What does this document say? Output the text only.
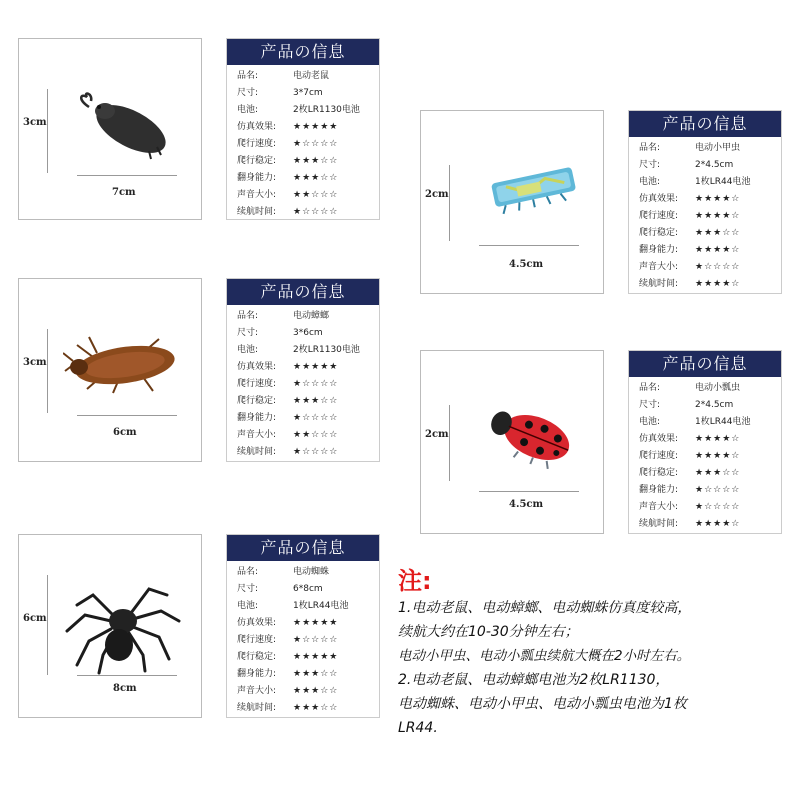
3cm
7cm
产品の信息
品名:	电动老鼠
尺寸:	3*7cm
电池:	2枚LR1130电池
仿真效果:	★★★★★
爬行速度:	★☆☆☆☆
爬行稳定:	★★★☆☆
翻身能力:	★★★☆☆
声音大小:	★★☆☆☆
续航时间:	★☆☆☆☆
3cm
6cm
产品の信息
品名:	电动蟑螂
尺寸:	3*6cm
电池:	2枚LR1130电池
仿真效果:	★★★★★
爬行速度:	★☆☆☆☆
爬行稳定:	★★★☆☆
翻身能力:	★☆☆☆☆
声音大小:	★★☆☆☆
续航时间:	★☆☆☆☆
6cm
8cm
产品の信息
品名:	电动蜘蛛
尺寸:	6*8cm
电池:	1枚LR44电池
仿真效果:	★★★★★
爬行速度:	★☆☆☆☆
爬行稳定:	★★★★★
翻身能力:	★★★☆☆
声音大小:	★★★☆☆
续航时间:	★★★☆☆
2cm
4.5cm
产品の信息
品名:	电动小甲虫
尺寸:	2*4.5cm
电池:	1枚LR44电池
仿真效果:	★★★★☆
爬行速度:	★★★★☆
爬行稳定:	★★★☆☆
翻身能力:	★★★★☆
声音大小:	★☆☆☆☆
续航时间:	★★★★☆
2cm
4.5cm
产品の信息
品名:	电动小瓢虫
尺寸:	2*4.5cm
电池:	1枚LR44电池
仿真效果:	★★★★☆
爬行速度:	★★★★☆
爬行稳定:	★★★☆☆
翻身能力:	★☆☆☆☆
声音大小:	★☆☆☆☆
续航时间:	★★★★☆
注:
1.电动老鼠、电动蟑螂、电动蜘蛛仿真度较高，
续航大约在10-30分钟左右；
电动小甲虫、电动小瓢虫续航大概在2小时左右。
2.电动老鼠、电动蟑螂电池为2枚LR1130，
电动蜘蛛、电动小甲虫、电动小瓢虫电池为1枚
LR44.
